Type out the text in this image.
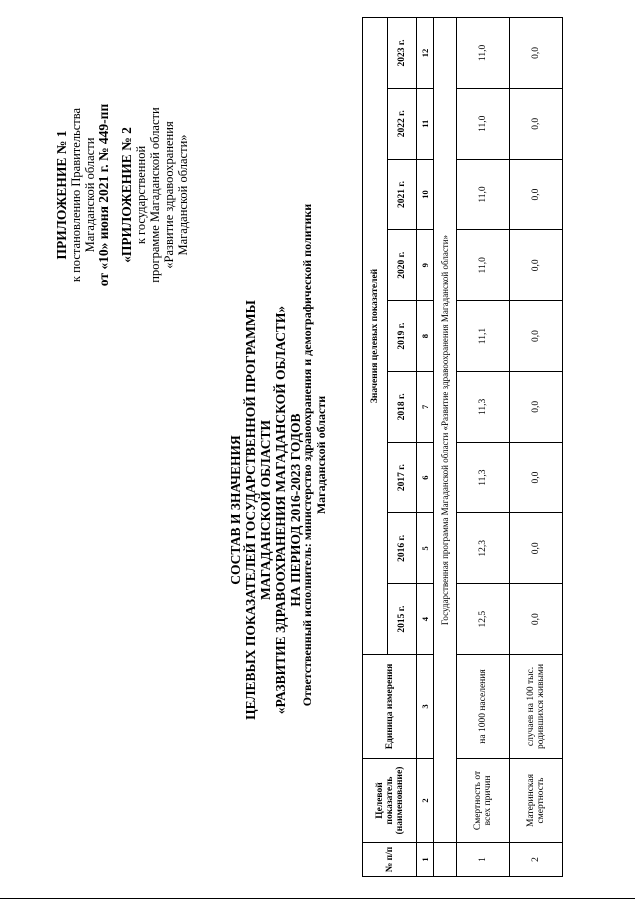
ПРИЛОЖЕНИЕ № 1 к постановлению Правительства Магаданской области от «10» июня 2021 г. № 449-пп «ПРИЛОЖЕНИЕ № 2 к государственной программе Магаданской области «Развитие здравоохранения Магаданской области»
СОСТАВ И ЗНАЧЕНИЯ ЦЕЛЕВЫХ ПОКАЗАТЕЛЕЙ ГОСУДАРСТВЕННОЙ ПРОГРАММЫ МАГАДАНСКОЙ ОБЛАСТИ «РАЗВИТИЕ ЗДРАВООХРАНЕНИЯ МАГАДАНСКОЙ ОБЛАСТИ» НА ПЕРИОД 2016-2023 ГОДОВ
Ответственный исполнитель: министерство здравоохранения и демографической политики Магаданской области
№ п/п	Целевой показатель (наименование)	Единица измерения	Значения целевых показателей								
			2015 г.	2016 г.	2017 г.	2018 г.	2019 г.	2020 г.	2021 г.	2022 г.	2023 г.
1	2	3	4	5	6	7	8	9	10	11	12
	Государственная программа Магаданской области «Развитие здравоохранения Магаданской области»										
1	Смертность от всех причин	на 1000 населения	12,5	12,3	11,3	11,3	11,1	11,0	11,0	11,0	11,0
2	Материнская смертность	случаев на 100 тыс. родившихся живыми	0,0	0,0	0,0	0,0	0,0	0,0	0,0	0,0	0,0
